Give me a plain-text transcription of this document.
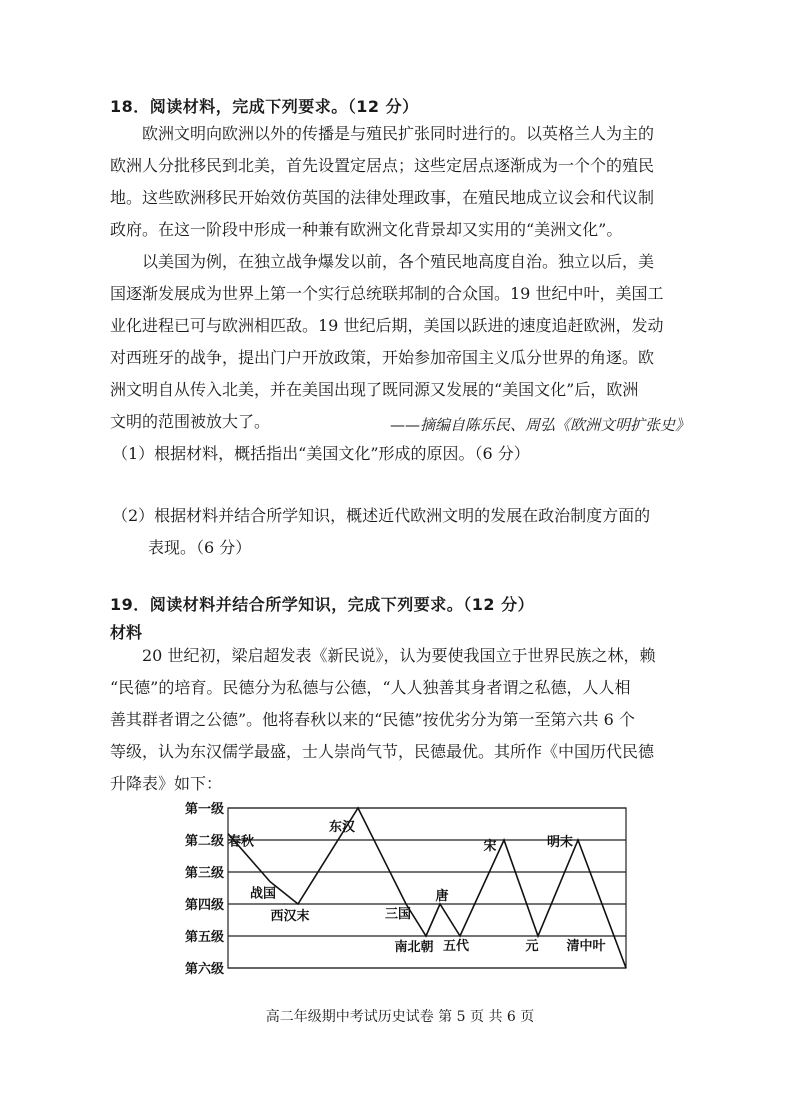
18．阅读材料，完成下列要求。（12 分）
欧洲文明向欧洲以外的传播是与殖民扩张同时进行的。以英格兰人为主的
欧洲人分批移民到北美，首先设置定居点；这些定居点逐渐成为一个个的殖民
地。这些欧洲移民开始效仿英国的法律处理政事，在殖民地成立议会和代议制
政府。在这一阶段中形成一种兼有欧洲文化背景却又实用的“美洲文化”。
以美国为例，在独立战争爆发以前，各个殖民地高度自治。独立以后，美
国逐渐发展成为世界上第一个实行总统联邦制的合众国。19 世纪中叶，美国工
业化进程已可与欧洲相匹敌。19 世纪后期，美国以跃进的速度追赶欧洲，发动
对西班牙的战争，提出门户开放政策，开始参加帝国主义瓜分世界的角逐。欧
洲文明自从传入北美，并在美国出现了既同源又发展的“美国文化”后，欧洲
文明的范围被放大了。	——摘编自陈乐民、周弘《欧洲文明扩张史》
（1）根据材料，概括指出“美国文化”形成的原因。（6 分）
（2）根据材料并结合所学知识，概述近代欧洲文明的发展在政治制度方面的
表现。（6 分）
19．阅读材料并结合所学知识，完成下列要求。（12 分）
材料
20 世纪初，梁启超发表《新民说》，认为要使我国立于世界民族之林，赖
“民德”的培育。民德分为私德与公德，“人人独善其身者谓之私德，人人相
善其群者谓之公德”。他将春秋以来的“民德”按优劣分为第一至第六共 6 个
等级，认为东汉儒学最盛，士人崇尚气节，民德最优。其所作《中国历代民德
升降表》如下：
第一级
第二级
第三级
第四级
第五级
第六级
春秋
战国
西汉末
东汉
三国
南北朝
唐
五代
宋
元
明末
清中叶
高二年级期中考试历史试卷 第 5 页 共 6 页
